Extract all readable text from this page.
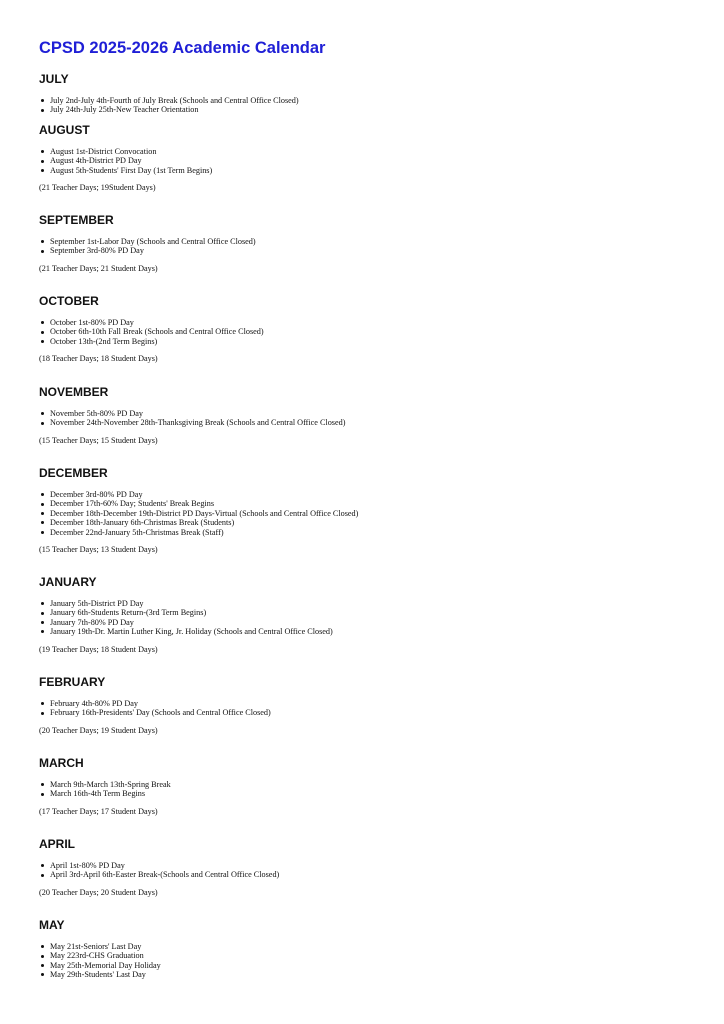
CPSD 2025-2026 Academic Calendar
JULY
July 2nd-July 4th-Fourth of July Break (Schools and Central Office Closed)
July 24th-July 25th-New Teacher Orientation
AUGUST
August 1st-District Convocation
August 4th-District PD Day
August 5th-Students' First Day (1st Term Begins)

(21 Teacher Days; 19Student Days)

SEPTEMBER
September 1st-Labor Day (Schools and Central Office Closed)
September 3rd-80% PD Day

(21 Teacher Days; 21 Student Days)

OCTOBER
October 1st-80% PD Day
October 6th-10th Fall Break (Schools and Central Office Closed)
October 13th-(2nd Term Begins)

(18 Teacher Days; 18 Student Days)

NOVEMBER
November 5th-80% PD Day
November 24th-November 28th-Thanksgiving Break (Schools and Central Office Closed)

(15 Teacher Days; 15 Student Days)

DECEMBER
December 3rd-80% PD Day
December 17th-60% Day; Students' Break Begins
December 18th-December 19th-District PD Days-Virtual (Schools and Central Office Closed)
December 18th-January 6th-Christmas Break (Students)
December 22nd-January 5th-Christmas Break (Staff)

(15 Teacher Days; 13 Student Days)

JANUARY
January 5th-District PD Day
January 6th-Students Return-(3rd Term Begins)
January 7th-80% PD Day
January 19th-Dr. Martin Luther King, Jr. Holiday (Schools and Central Office Closed)

(19 Teacher Days; 18 Student Days)

FEBRUARY
February 4th-80% PD Day
February 16th-Presidents' Day (Schools and Central Office Closed)

(20 Teacher Days; 19 Student Days)

MARCH
March 9th-March 13th-Spring Break
March 16th-4th Term Begins

(17 Teacher Days; 17 Student Days)

APRIL
April 1st-80% PD Day
April 3rd-April 6th-Easter Break-(Schools and Central Office Closed)

(20 Teacher Days; 20 Student Days)

MAY
May 21st-Seniors' Last Day
May 223rd-CHS Graduation
May 25th-Memorial Day Holiday
May 29th-Students' Last Day
